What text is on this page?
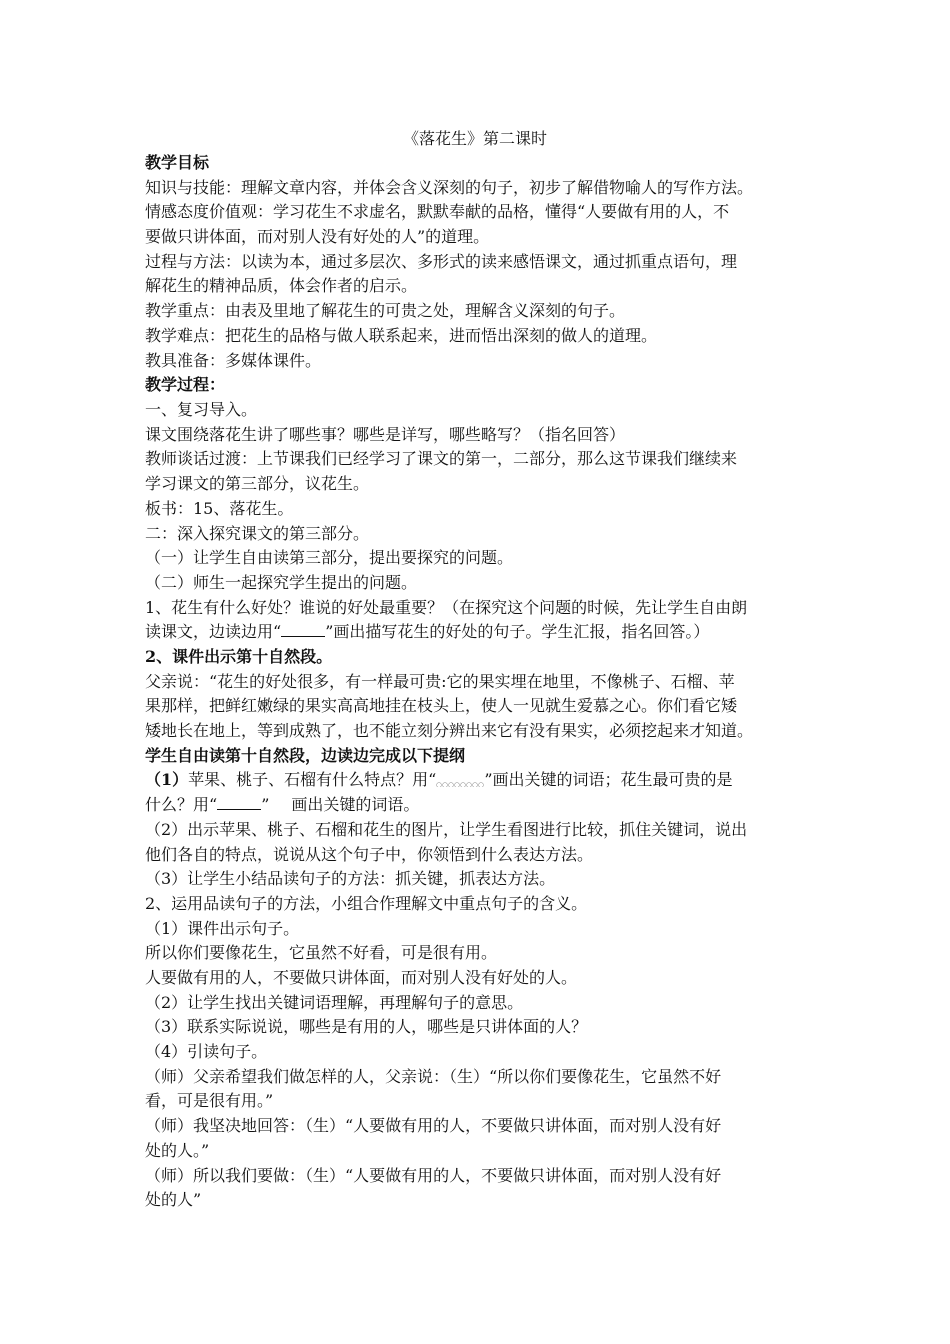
《落花生》第二课时
教学目标
知识与技能：理解文章内容，并体会含义深刻的句子，初步了解借物喻人的写作方法。
情感态度价值观：学习花生不求虚名，默默奉献的品格，懂得“人要做有用的人，不
要做只讲体面，而对别人没有好处的人”的道理。
过程与方法：以读为本，通过多层次、多形式的读来感悟课文，通过抓重点语句，理
解花生的精神品质，体会作者的启示。
教学重点：由表及里地了解花生的可贵之处，理解含义深刻的句子。
教学难点：把花生的品格与做人联系起来，进而悟出深刻的做人的道理。
教具准备：多媒体课件。
教学过程：
一、复习导入。
课文围绕落花生讲了哪些事？哪些是详写，哪些略写？（指名回答）
教师谈话过渡：上节课我们已经学习了课文的第一，二部分，那么这节课我们继续来
学习课文的第三部分，议花生。
板书：15、落花生。
二：深入探究课文的第三部分。
（一）让学生自由读第三部分，提出要探究的问题。
（二）师生一起探究学生提出的问题。
1、花生有什么好处？谁说的好处最重要？（在探究这个问题的时候，先让学生自由朗
读课文，边读边用“	”画出描写花生的好处的句子。学生汇报，指名回答。）
2、课件出示第十自然段。
父亲说：“花生的好处很多，有一样最可贵:它的果实埋在地里，不像桃子、石榴、苹
果那样，把鲜红嫩绿的果实高高地挂在枝头上，使人一见就生爱慕之心。你们看它矮
矮地长在地上，等到成熟了，也不能立刻分辨出来它有没有果实，必须挖起来才知道。
学生自由读第十自然段，边读边完成以下提纲
（1）苹果、桃子、石榴有什么特点？用“	”画出关键的词语；花生最可贵的是
什么？用“	” 画出关键的词语。
（2）出示苹果、桃子、石榴和花生的图片，让学生看图进行比较，抓住关键词，说出
他们各自的特点，说说从这个句子中，你领悟到什么表达方法。
（3）让学生小结品读句子的方法：抓关键，抓表达方法。
2、运用品读句子的方法，小组合作理解文中重点句子的含义。
（1）课件出示句子。
所以你们要像花生，它虽然不好看，可是很有用。
人要做有用的人，不要做只讲体面，而对别人没有好处的人。
（2）让学生找出关键词语理解，再理解句子的意思。
（3）联系实际说说，哪些是有用的人，哪些是只讲体面的人？
（4）引读句子。
（师）父亲希望我们做怎样的人，父亲说：（生）“所以你们要像花生，它虽然不好
看，可是很有用。”
（师）我坚决地回答：（生）“人要做有用的人，不要做只讲体面，而对别人没有好
处的人。”
（师）所以我们要做：（生）“人要做有用的人，不要做只讲体面，而对别人没有好
处的人”
